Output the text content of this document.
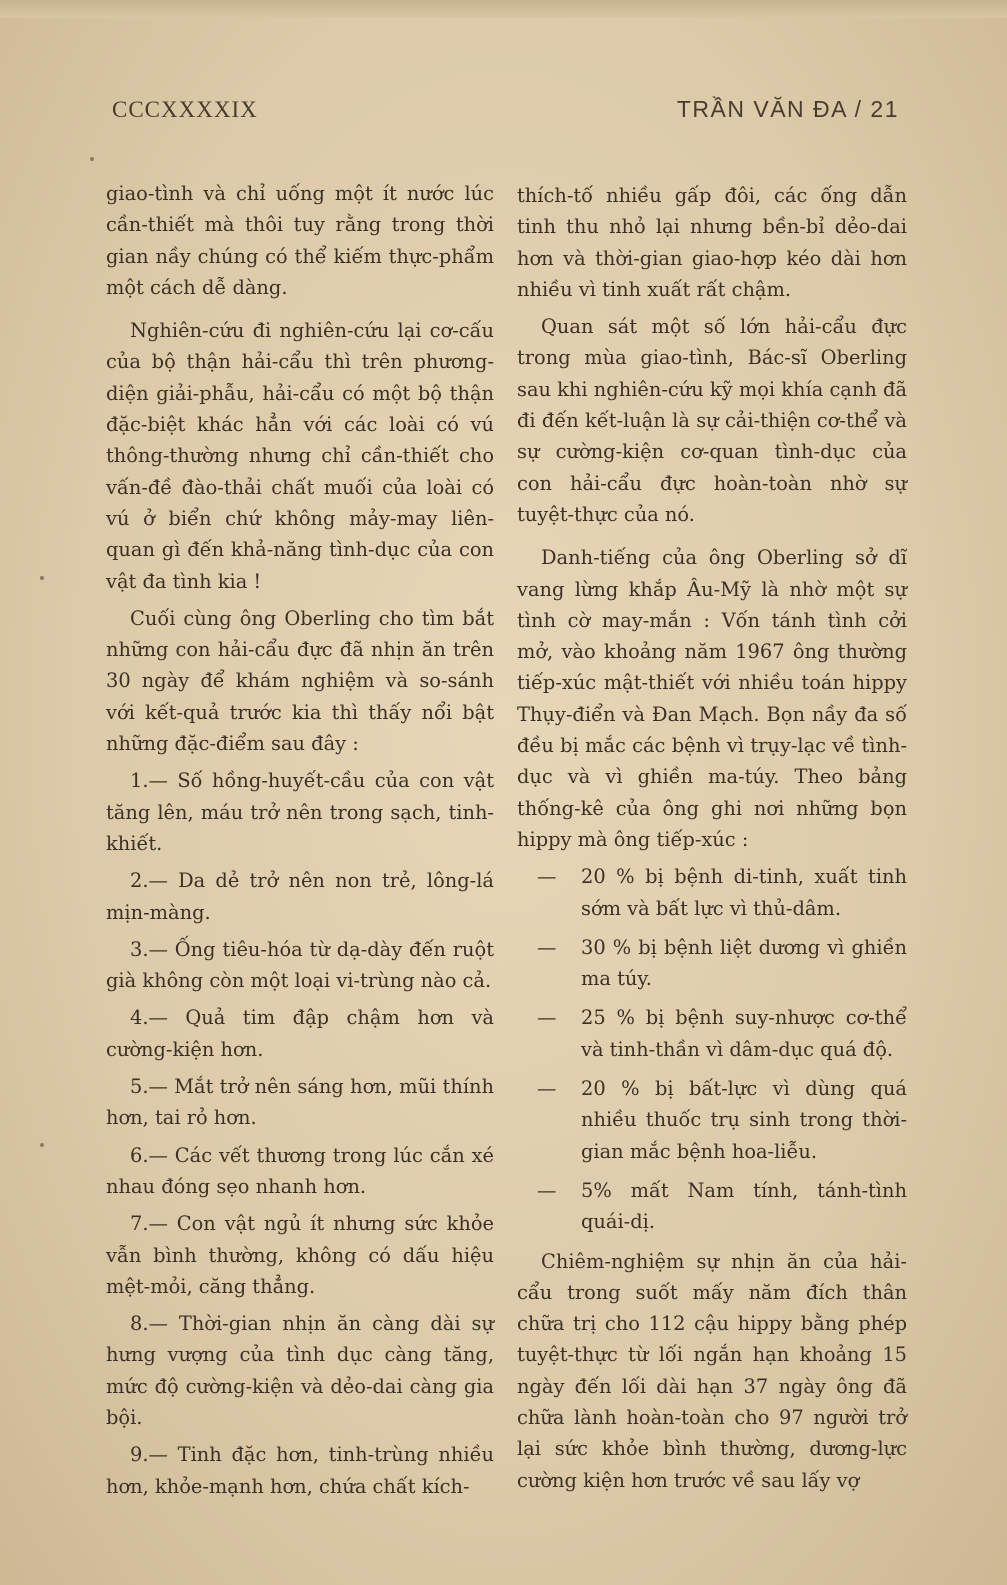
CCCXXXXIX	TRẦN VĂN ĐA / 21

giao-tình và chỉ uống một ít nước lúc cần-thiết mà thôi tuy rằng trong thời gian nầy chúng có thể kiếm thực-phẩm một cách dễ dàng.

Nghiên-cứu đi nghiên-cứu lại cơ-cấu của bộ thận hải-cẩu thì trên phương-diện giải-phẫu, hải-cẩu có một bộ thận đặc-biệt khác hẳn với các loài có vú thông-thường nhưng chỉ cần-thiết cho vấn-đề đào-thải chất muối của loài có vú ở biển chứ không mảy-may liên-quan gì đến khả-năng tình-dục của con vật đa tình kia !

Cuối cùng ông Oberling cho tìm bắt những con hải-cẩu đực đã nhịn ăn trên 30 ngày để khám nghiệm và so-sánh với kết-quả trước kia thì thấy nổi bật những đặc-điểm sau đây :

1.— Số hồng-huyết-cầu của con vật tăng lên, máu trở nên trong sạch, tinh-khiết.

2.— Da dẻ trở nên non trẻ, lông-lá mịn-màng.

3.— Ống tiêu-hóa từ dạ-dày đến ruột già không còn một loại vi-trùng nào cả.

4.— Quả tim đập chậm hơn và cường-kiện hơn.

5.— Mắt trở nên sáng hơn, mũi thính hơn, tai rỏ hơn.

6.— Các vết thương trong lúc cắn xé nhau đóng sẹo nhanh hơn.

7.— Con vật ngủ ít nhưng sức khỏe vẫn bình thường, không có dấu hiệu mệt-mỏi, căng thẳng.

8.— Thời-gian nhịn ăn càng dài sự hưng vượng của tình dục càng tăng, mức độ cường-kiện và dẻo-dai càng gia bội.

9.— Tinh đặc hơn, tinh-trùng nhiều hơn, khỏe-mạnh hơn, chứa chất kích-

thích-tố nhiều gấp đôi, các ống dẫn tinh thu nhỏ lại nhưng bền-bỉ dẻo-dai hơn và thời-gian giao-hợp kéo dài hơn nhiều vì tinh xuất rất chậm.

Quan sát một số lớn hải-cẩu đực trong mùa giao-tình, Bác-sĩ Oberling sau khi nghiên-cứu kỹ mọi khía cạnh đã đi đến kết-luận là sự cải-thiện cơ-thể và sự cường-kiện cơ-quan tình-dục của con hải-cẩu đực hoàn-toàn nhờ sự tuyệt-thực của nó.

Danh-tiếng của ông Oberling sở dĩ vang lừng khắp Âu-Mỹ là nhờ một sự tình cờ may-mắn : Vốn tánh tình cởi mở, vào khoảng năm 1967 ông thường tiếp-xúc mật-thiết với nhiều toán hippy Thụy-điển và Đan Mạch. Bọn nầy đa số đều bị mắc các bệnh vì trụy-lạc về tình-dục và vì ghiền ma-túy. Theo bảng thống-kê của ông ghi nơi những bọn hippy mà ông tiếp-xúc :

—	20 % bị bệnh di-tinh, xuất tinh sớm và bất lực vì thủ-dâm.
—	30 % bị bệnh liệt dương vì ghiền ma túy.
—	25 % bị bệnh suy-nhược cơ-thể và tinh-thần vì dâm-dục quá độ.
—	20 % bị bất-lực vì dùng quá nhiều thuốc trụ sinh trong thời-gian mắc bệnh hoa-liễu.
—	5% mất Nam tính, tánh-tình quái-dị.

Chiêm-nghiệm sự nhịn ăn của hải-cẩu trong suốt mấy năm đích thân chữa trị cho 112 cậu hippy bằng phép tuyệt-thực từ lối ngắn hạn khoảng 15 ngày đến lối dài hạn 37 ngày ông đã chữa lành hoàn-toàn cho 97 người trở lại sức khỏe bình thường, dương-lực cường kiện hơn trước về sau lấy vợ
